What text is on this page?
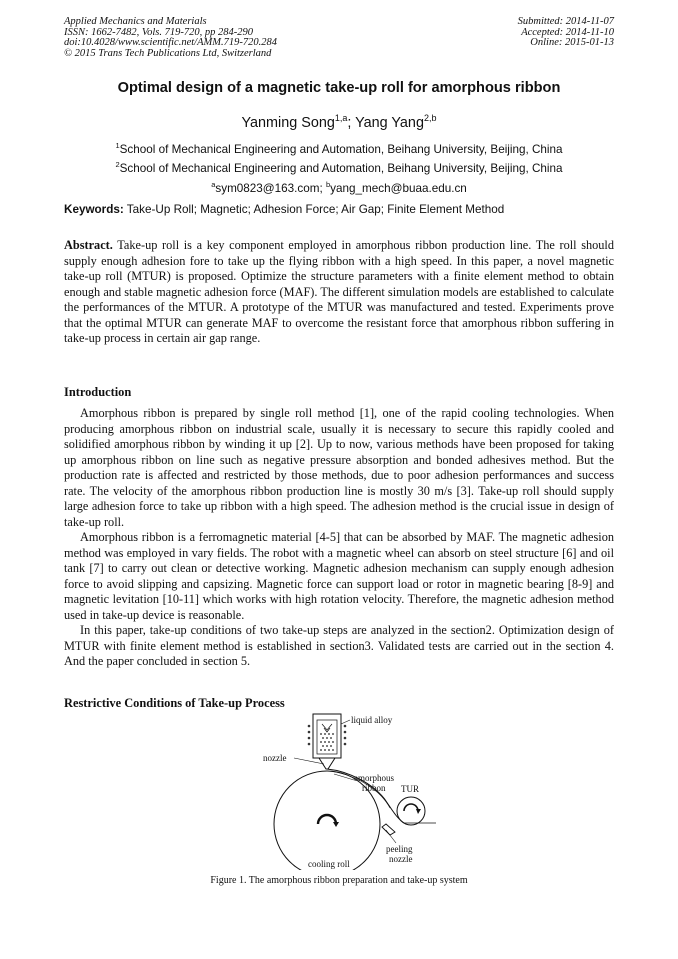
Applied Mechanics and Materials
ISSN: 1662-7482, Vols. 719-720, pp 284-290
doi:10.4028/www.scientific.net/AMM.719-720.284
© 2015 Trans Tech Publications Ltd, Switzerland
Submitted: 2014-11-07
Accepted: 2014-11-10
Online: 2015-01-13
Optimal design of a magnetic take-up roll for amorphous ribbon
Yanming Song$^{1,a}$; Yang Yang$^{2,b}$
$^1$School of Mechanical Engineering and Automation, Beihang University, Beijing, China
$^2$School of Mechanical Engineering and Automation, Beihang University, Beijing, China
$^a$sym0823@163.com; $^b$yang_mech@buaa.edu.cn
Keywords: Take-Up Roll; Magnetic; Adhesion Force; Air Gap; Finite Element Method
Abstract. Take-up roll is a key component employed in amorphous ribbon production line. The roll should supply enough adhesion fore to take up the flying ribbon with a high speed. In this paper, a novel magnetic take-up roll (MTUR) is proposed. Optimize the structure parameters with a finite element method to obtain enough and stable magnetic adhesion force (MAF). The different simulation models are established to calculate the performances of the MTUR. A prototype of the MTUR was manufactured and tested. Experiments prove that the optimal MTUR can generate MAF to overcome the resistant force that amorphous ribbon suffering in take-up process in certain air gap range.
Introduction

Amorphous ribbon is prepared by single roll method [1], one of the rapid cooling technologies. When producing amorphous ribbon on industrial scale, usually it is necessary to secure this rapidly cooled and solidified amorphous ribbon by winding it up [2]. Up to now, various methods have been proposed for taking up amorphous ribbon on line such as negative pressure absorption and bonded adhesives method. But the production rate is affected and restricted by those methods, due to poor adhesion performances and success rate. The velocity of the amorphous ribbon production line is mostly 30 m/s [3]. Take-up roll should supply large adhesion force to take up ribbon with a high speed. The adhesion method is the crucial issue in design of take-up roll.

Amorphous ribbon is a ferromagnetic material [4-5] that can be absorbed by MAF. The magnetic adhesion method was employed in vary fields. The robot with a magnetic wheel can absorb on steel structure [6] and oil tank [7] to carry out clean or detective working. Magnetic adhesion mechanism can supply enough adhesion force to avoid slipping and capsizing. Magnetic force can support load or rotor in magnetic bearing [8-9] and magnetic levitation [10-11] which works with high rotation velocity. Therefore, the magnetic adhesion method used in take-up device is reasonable.

In this paper, take-up conditions of two take-up steps are analyzed in the section2. Optimization design of MTUR with finite element method is established in section3. Validated tests are carried out in the section 4. And the paper concluded in section 5.

Restrictive Conditions of Take-up Process
liquid alloy
nozzle
amorphous
ribbon TUR
peeling
nozzle
cooling roll
Figure 1. The amorphous ribbon preparation and take-up system
